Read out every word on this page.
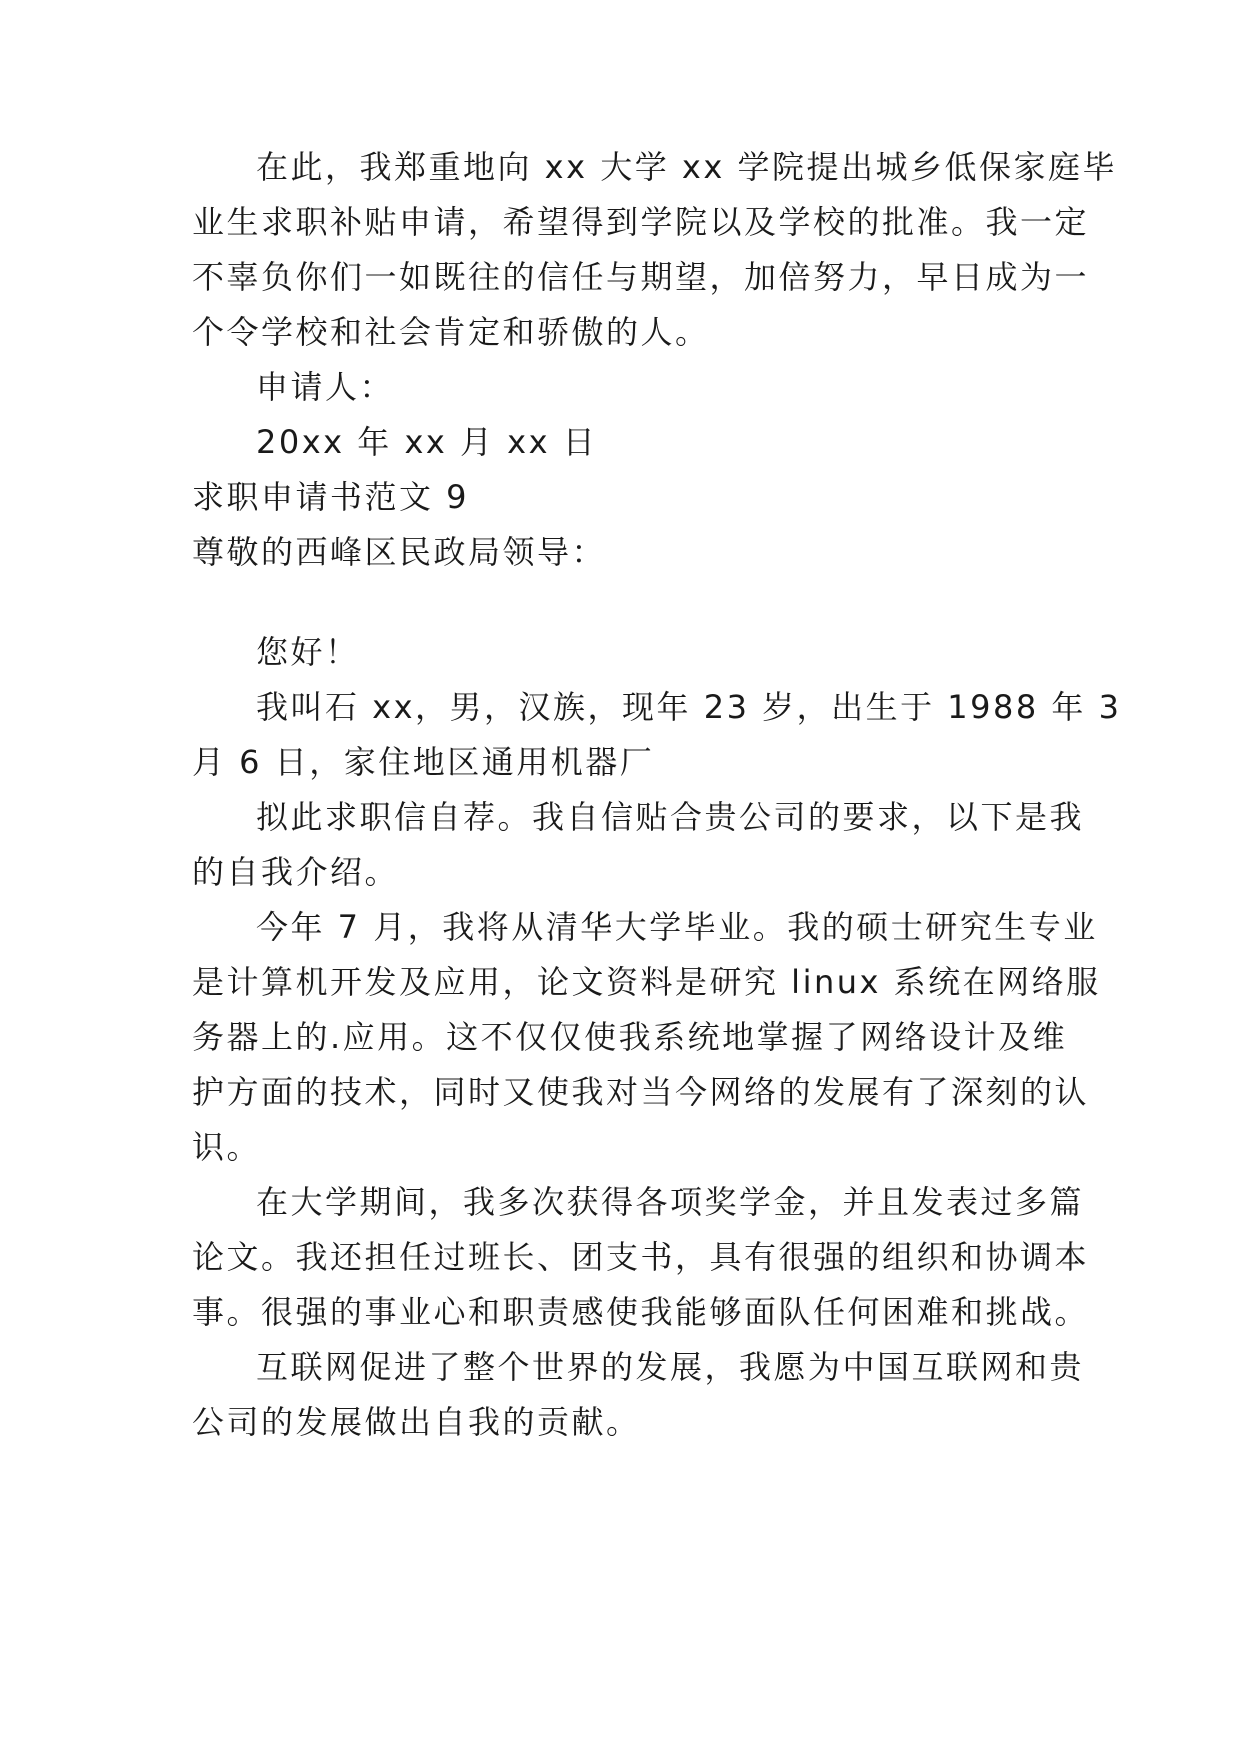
在此，我郑重地向 xx 大学 xx 学院提出城乡低保家庭毕
业生求职补贴申请，希望得到学院以及学校的批准。我一定
不辜负你们一如既往的信任与期望，加倍努力，早日成为一
个令学校和社会肯定和骄傲的人。
申请人：
20xx 年 xx 月 xx 日
求职申请书范文 9
尊敬的西峰区民政局领导：
您好！
我叫石 xx，男，汉族，现年 23 岁，出生于 1988 年 3
月 6 日，家住地区通用机器厂
拟此求职信自荐。我自信贴合贵公司的要求，以下是我
的自我介绍。
今年 7 月，我将从清华大学毕业。我的硕士研究生专业
是计算机开发及应用，论文资料是研究 linux 系统在网络服
务器上的.应用。这不仅仅使我系统地掌握了网络设计及维
护方面的技术，同时又使我对当今网络的发展有了深刻的认
识。
在大学期间，我多次获得各项奖学金，并且发表过多篇
论文。我还担任过班长、团支书，具有很强的组织和协调本
事。很强的事业心和职责感使我能够面队任何困难和挑战。
互联网促进了整个世界的发展，我愿为中国互联网和贵
公司的发展做出自我的贡献。
